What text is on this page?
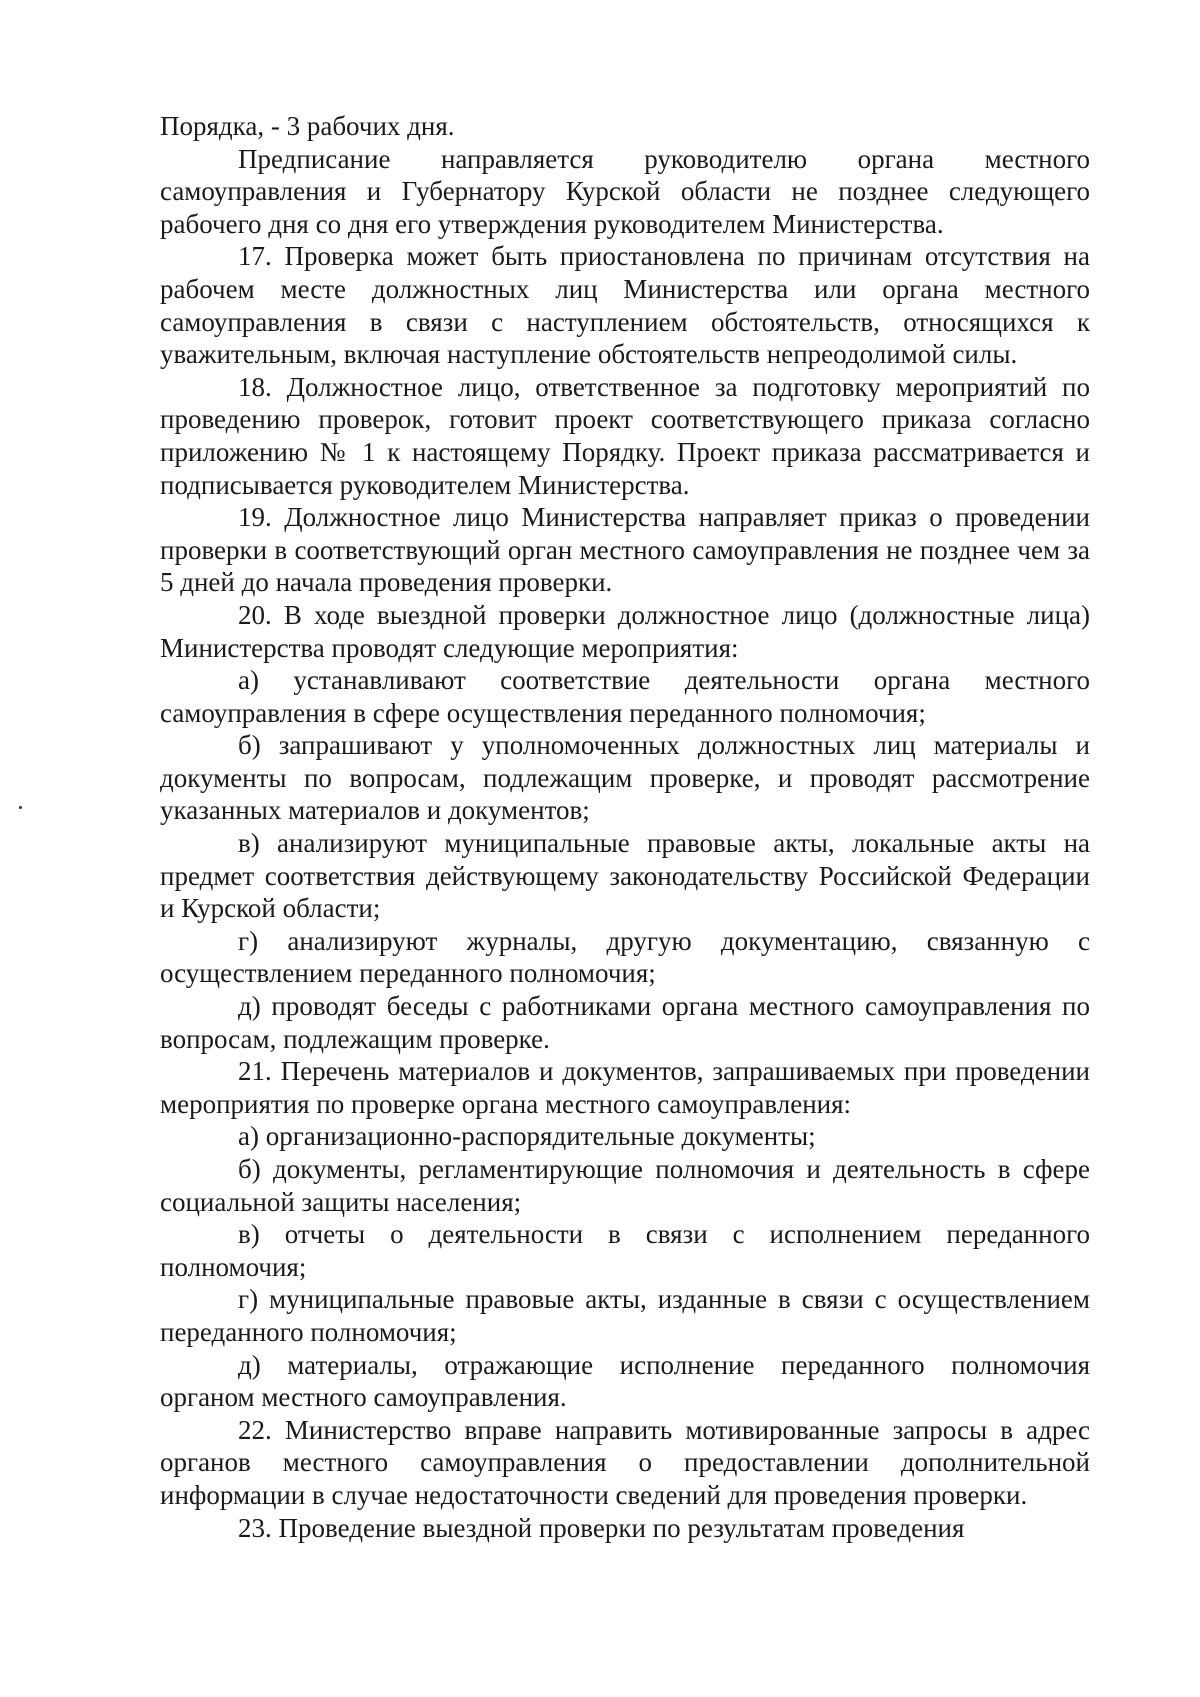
Порядка, - 3 рабочих дня.

Предписание направляется руководителю органа местного самоуправления и Губернатору Курской области не позднее следующего рабочего дня со дня его утверждения руководителем Министерства.

17. Проверка может быть приостановлена по причинам отсутствия на рабочем месте должностных лиц Министерства или органа местного самоуправления в связи с наступлением обстоятельств, относящихся к уважительным, включая наступление обстоятельств непреодолимой силы.

18. Должностное лицо, ответственное за подготовку мероприятий по проведению проверок, готовит проект соответствующего приказа согласно приложению № 1 к настоящему Порядку. Проект приказа рассматривается и подписывается руководителем Министерства.

19. Должностное лицо Министерства направляет приказ о проведении проверки в соответствующий орган местного самоуправления не позднее чем за 5 дней до начала проведения проверки.

20. В ходе выездной проверки должностное лицо (должностные лица) Министерства проводят следующие мероприятия:

а) устанавливают соответствие деятельности органа местного самоуправления в сфере осуществления переданного полномочия;

б) запрашивают у уполномоченных должностных лиц материалы и документы по вопросам, подлежащим проверке, и проводят рассмотрение указанных материалов и документов;

в) анализируют муниципальные правовые акты, локальные акты на предмет соответствия действующему законодательству Российской Федерации и Курской области;

г) анализируют журналы, другую документацию, связанную с осуществлением переданного полномочия;

д) проводят беседы с работниками органа местного самоуправления по вопросам, подлежащим проверке.

21. Перечень материалов и документов, запрашиваемых при проведении мероприятия по проверке органа местного самоуправления:

а) организационно-распорядительные документы;

б) документы, регламентирующие полномочия и деятельность в сфере социальной защиты населения;

в) отчеты о деятельности в связи с исполнением переданного полномочия;

г) муниципальные правовые акты, изданные в связи с осуществлением переданного полномочия;

д) материалы, отражающие исполнение переданного полномочия органом местного самоуправления.

22. Министерство вправе направить мотивированные запросы в адрес органов местного самоуправления о предоставлении дополнительной информации в случае недостаточности сведений для проведения проверки.

23. Проведение выездной проверки по результатам проведения
